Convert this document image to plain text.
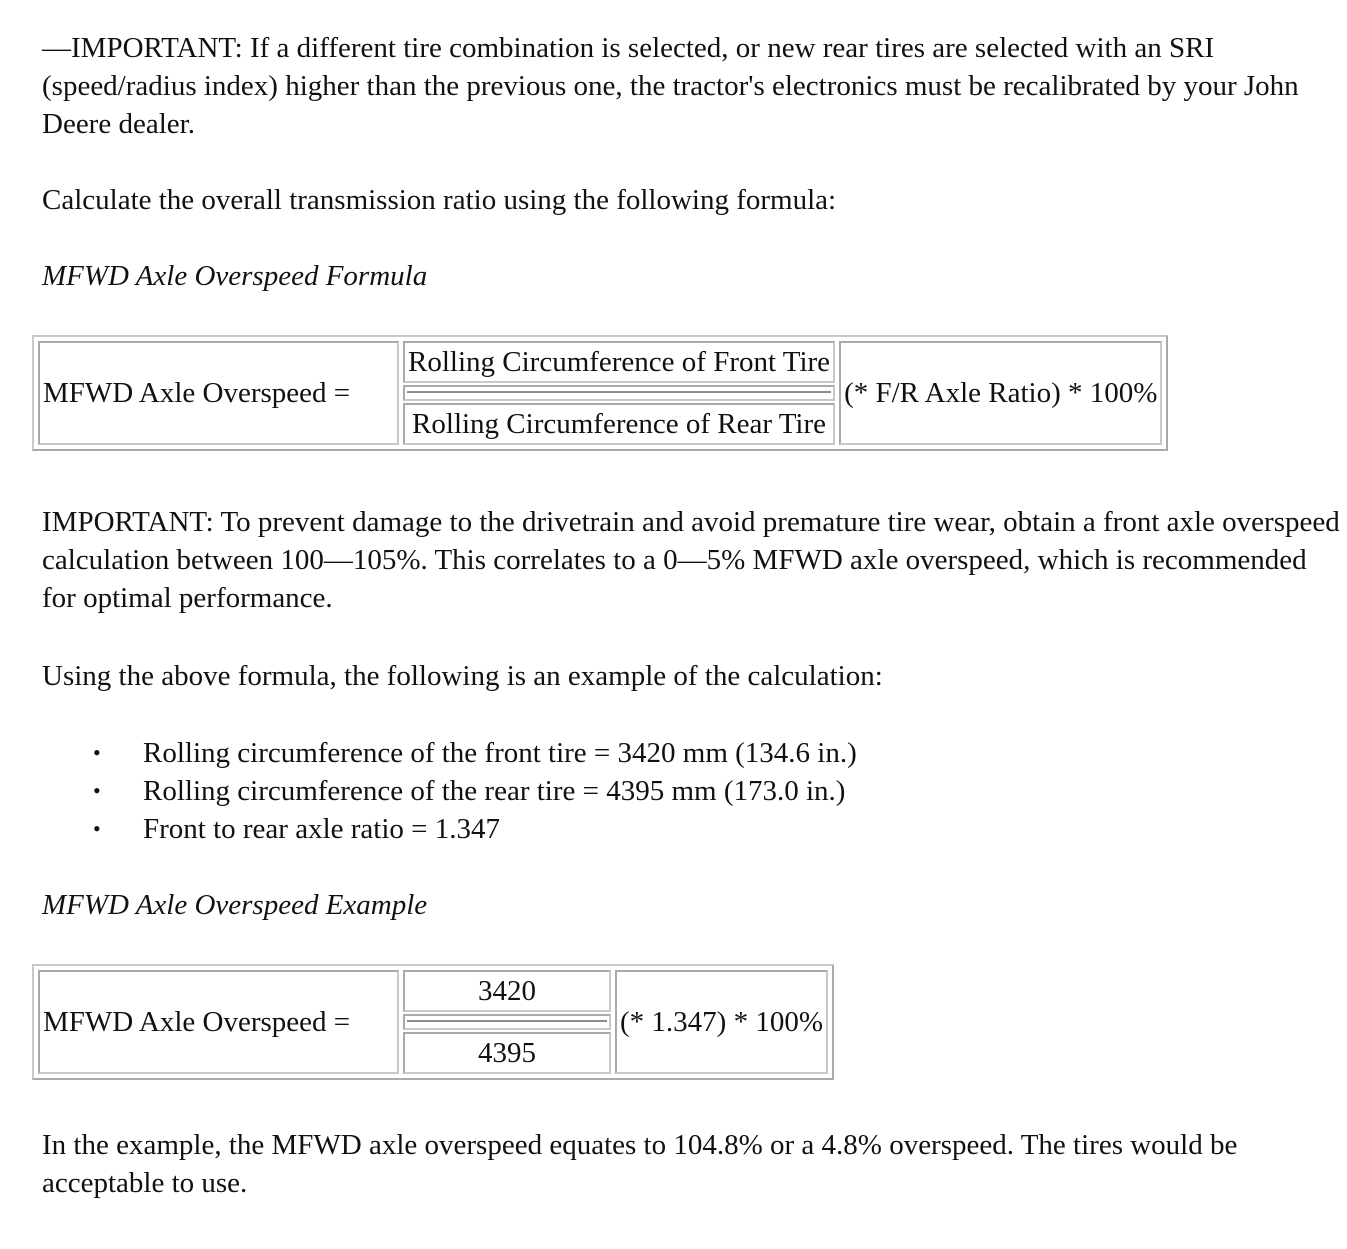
—IMPORTANT: If a different tire combination is selected, or new rear tires are selected with an SRI (speed/radius index) higher than the previous one, the tractor's electronics must be recalibrated by your John Deere dealer.

Calculate the overall transmission ratio using the following formula:

MFWD Axle Overspeed Formula

MFWD Axle Overspeed =	
Rolling Circumference of Front Tire
Rolling Circumference of Rear Tire
	(* F/R Axle Ratio) * 100%

IMPORTANT: To prevent damage to the drivetrain and avoid premature tire wear, obtain a front axle overspeed calculation between 100—105%. This correlates to a 0—5% MFWD axle overspeed, which is recommended for optimal performance.

Using the above formula, the following is an example of the calculation:

• Rolling circumference of the front tire = 3420 mm (134.6 in.)
• Rolling circumference of the rear tire = 4395 mm (173.0 in.)
• Front to rear axle ratio = 1.347

MFWD Axle Overspeed Example

MFWD Axle Overspeed =	
3420
4395
	(* 1.347) * 100%

In the example, the MFWD axle overspeed equates to 104.8% or a 4.8% overspeed. The tires would be acceptable to use.
